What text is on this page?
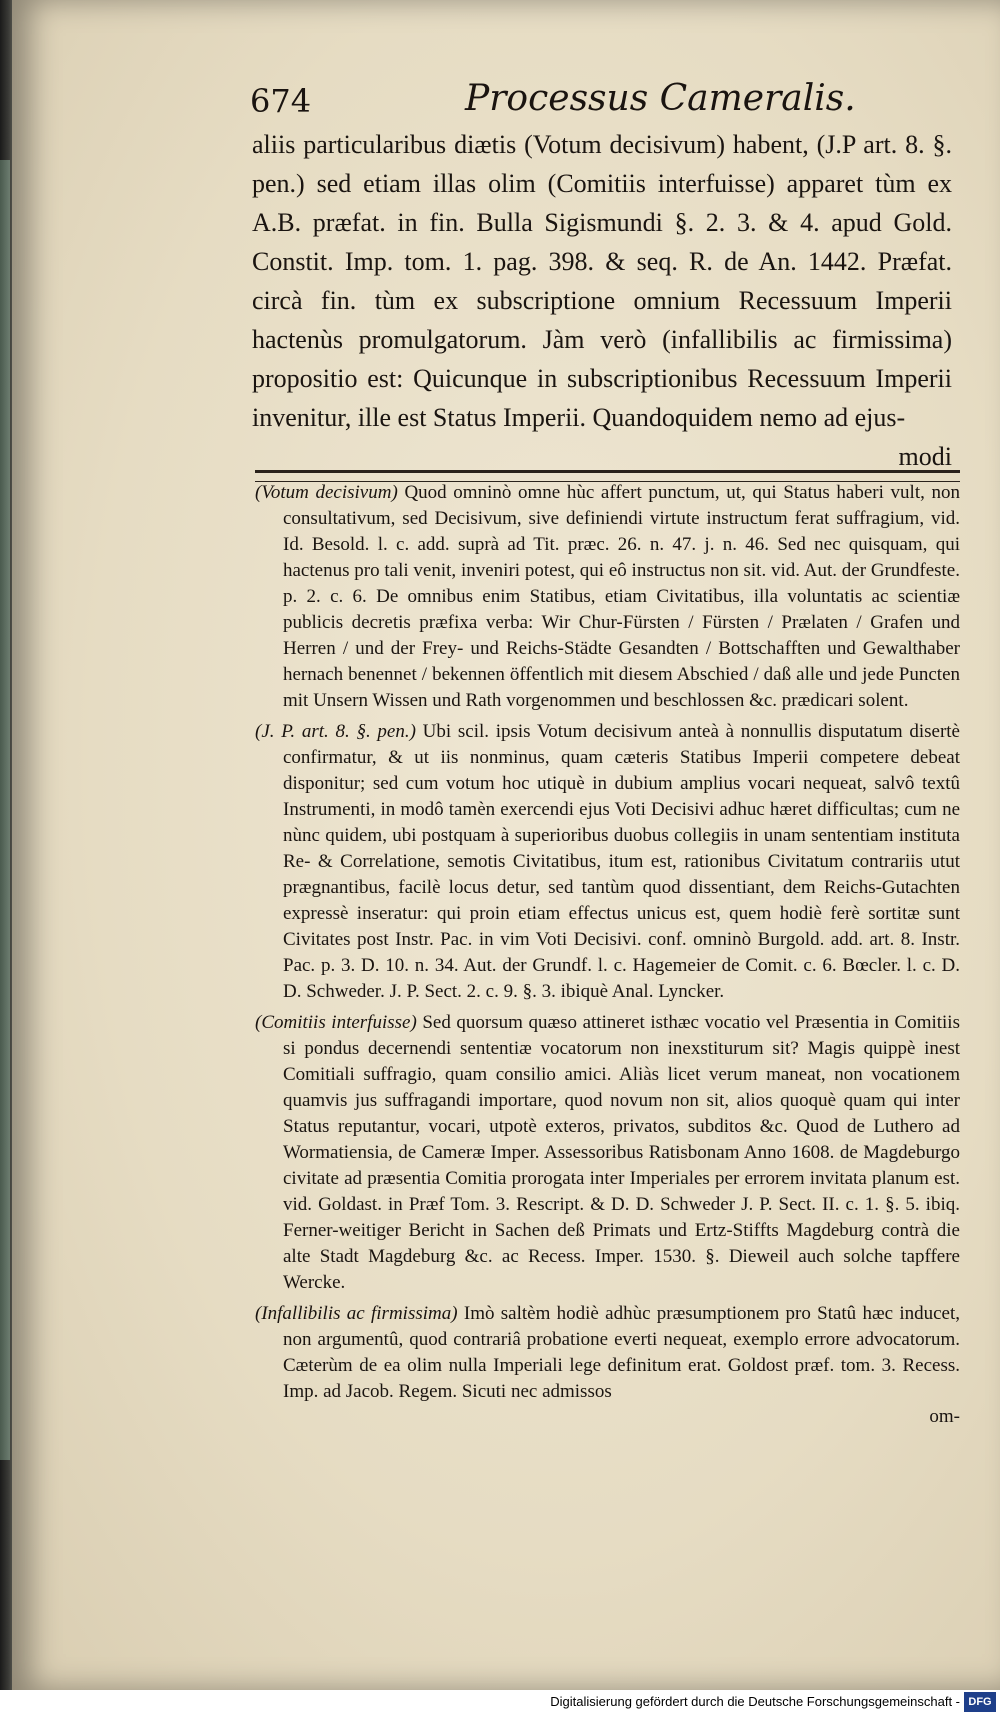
674	Processus Cameralis.
aliis particularibus diætis (Votum decisivum) habent, (J.P art. 8. §. pen.) sed etiam illas olim (Comitiis interfuisse) apparet tùm ex A.B. præfat. in fin. Bulla Sigismundi §. 2. 3. & 4. apud Gold. Constit. Imp. tom. 1. pag. 398. & seq. R. de An. 1442. Præfat. circà fin. tùm ex subscriptione omnium Recessuum Imperii hactenùs promulgatorum. Jàm verò (infallibilis ac firmissima) propositio est: Quicunque in subscriptionibus Recessuum Imperii invenitur, ille est Status Imperii. Quandoquidem nemo ad ejus-
modi

(Votum decisivum) Quod omninò omne hùc affert punctum, ut, qui Status haberi vult, non consultativum, sed Decisivum, sive definiendi virtute instructum ferat suffragium, vid. Id. Besold. l. c. add. suprà ad Tit. præc. 26. n. 47. j. n. 46. Sed nec quisquam, qui hactenus pro tali venit, inveniri potest, qui eô instructus non sit. vid. Aut. der Grundfeste. p. 2. c. 6. De omnibus enim Statibus, etiam Civitatibus, illa voluntatis ac scientiæ publicis decretis præfixa verba: Wir Chur-Fürsten / Fürsten / Prælaten / Grafen und Herren / und der Frey- und Reichs-Städte Gesandten / Bottschafften und Gewalthaber hernach benennet / bekennen öffentlich mit diesem Abschied / daß alle und jede Puncten mit Unsern Wissen und Rath vorgenommen und beschlossen &c. prædicari solent.

(J. P. art. 8. §. pen.) Ubi scil. ipsis Votum decisivum anteà à nonnullis disputatum disertè confirmatur, & ut iis nonminus, quam cæteris Statibus Imperii competere debeat disponitur; sed cum votum hoc utiquè in dubium amplius vocari nequeat, salvô textû Instrumenti, in modô tamèn exercendi ejus Voti Decisivi adhuc hæret difficultas; cum ne nùnc quidem, ubi postquam à superioribus duobus collegiis in unam sententiam instituta Re- & Correlatione, semotis Civitatibus, itum est, rationibus Civitatum contrariis utut prægnantibus, facilè locus detur, sed tantùm quod dissentiant, dem Reichs-Gutachten expressè inseratur: qui proin etiam effectus unicus est, quem hodiè ferè sortitæ sunt Civitates post Instr. Pac. in vim Voti Decisivi. conf. omninò Burgold. add. art. 8. Instr. Pac. p. 3. D. 10. n. 34. Aut. der Grundf. l. c. Hagemeier de Comit. c. 6. Bœcler. l. c. D. D. Schweder. J. P. Sect. 2. c. 9. §. 3. ibiquè Anal. Lyncker.

(Comitiis interfuisse) Sed quorsum quæso attineret isthæc vocatio vel Præsentia in Comitiis si pondus decernendi sententiæ vocatorum non inexstiturum sit? Magis quippè inest Comitiali suffragio, quam consilio amici. Aliàs licet verum maneat, non vocationem quamvis jus suffragandi importare, quod novum non sit, alios quoquè quam qui inter Status reputantur, vocari, utpotè exteros, privatos, subditos &c. Quod de Luthero ad Wormatiensia, de Cameræ Imper. Assessoribus Ratisbonam Anno 1608. de Magdeburgo civitate ad præsentia Comitia prorogata inter Imperiales per errorem invitata planum est. vid. Goldast. in Præf Tom. 3. Rescript. & D. D. Schweder J. P. Sect. II. c. 1. §. 5. ibiq. Ferner-weitiger Bericht in Sachen deß Primats und Ertz-Stiffts Magdeburg contrà die alte Stadt Magdeburg &c. ac Recess. Imper. 1530. §. Dieweil auch solche tapffere Wercke.

(Infallibilis ac firmissima) Imò saltèm hodiè adhùc præsumptionem pro Statû hæc inducet, non argumentû, quod contrariâ probatione everti nequeat, exemplo errore advocatorum. Cæterùm de ea olim nulla Imperiali lege definitum erat. Goldost præf. tom. 3. Recess. Imp. ad Jacob. Regem. Sicuti nec admissos

om-
Digitalisierung gefördert durch die Deutsche Forschungsgemeinschaft - DFG
